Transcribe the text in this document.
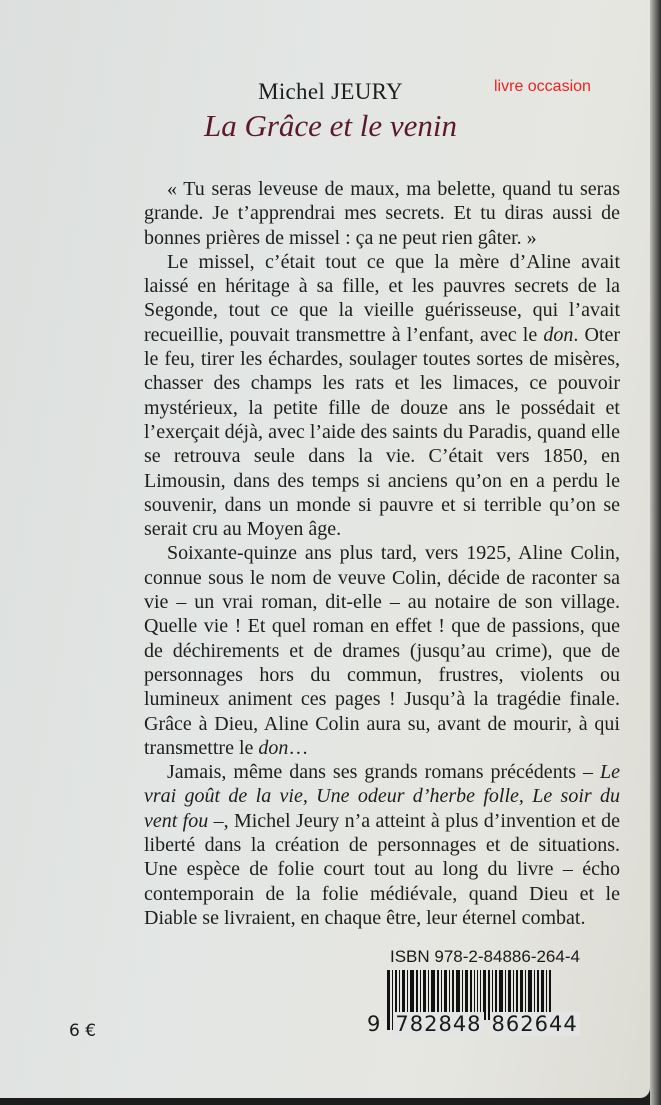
Michel JEURY	livre occasion
La Grâce et le venin

« Tu seras leveuse de maux, ma belette, quand tu seras grande. Je t’apprendrai mes secrets. Et tu diras aussi de bonnes prières de missel : ça ne peut rien gâter. »

Le missel, c’était tout ce que la mère d’Aline avait laissé en héritage à sa fille, et les pauvres secrets de la Segonde, tout ce que la vieille guérisseuse, qui l’avait recueillie, pouvait transmettre à l’enfant, avec le don. Oter le feu, tirer les échardes, soulager toutes sortes de misères, chasser des champs les rats et les limaces, ce pouvoir mystérieux, la petite fille de douze ans le possédait et l’exerçait déjà, avec l’aide des saints du Paradis, quand elle se retrouva seule dans la vie. C’était vers 1850, en Limousin, dans des temps si anciens qu’on en a perdu le souvenir, dans un monde si pauvre et si terrible qu’on se serait cru au Moyen âge.

Soixante-quinze ans plus tard, vers 1925, Aline Colin, connue sous le nom de veuve Colin, décide de raconter sa vie – un vrai roman, dit-elle – au notaire de son village. Quelle vie ! Et quel roman en effet ! que de passions, que de déchirements et de drames (jusqu’au crime), que de personnages hors du commun, frustres, violents ou lumineux animent ces pages ! Jusqu’à la tragédie finale. Grâce à Dieu, Aline Colin aura su, avant de mourir, à qui transmettre le don…

Jamais, même dans ses grands romans précédents – Le vrai goût de la vie, Une odeur d’herbe folle, Le soir du vent fou –, Michel Jeury n’a atteint à plus d’invention et de liberté dans la création de personnages et de situations. Une espèce de folie court tout au long du livre – écho contemporain de la folie médiévale, quand Dieu et le Diable se livraient, en chaque être, leur éternel combat.

ISBN 978-2-84886-264-4
9 782848 862644
6 €
